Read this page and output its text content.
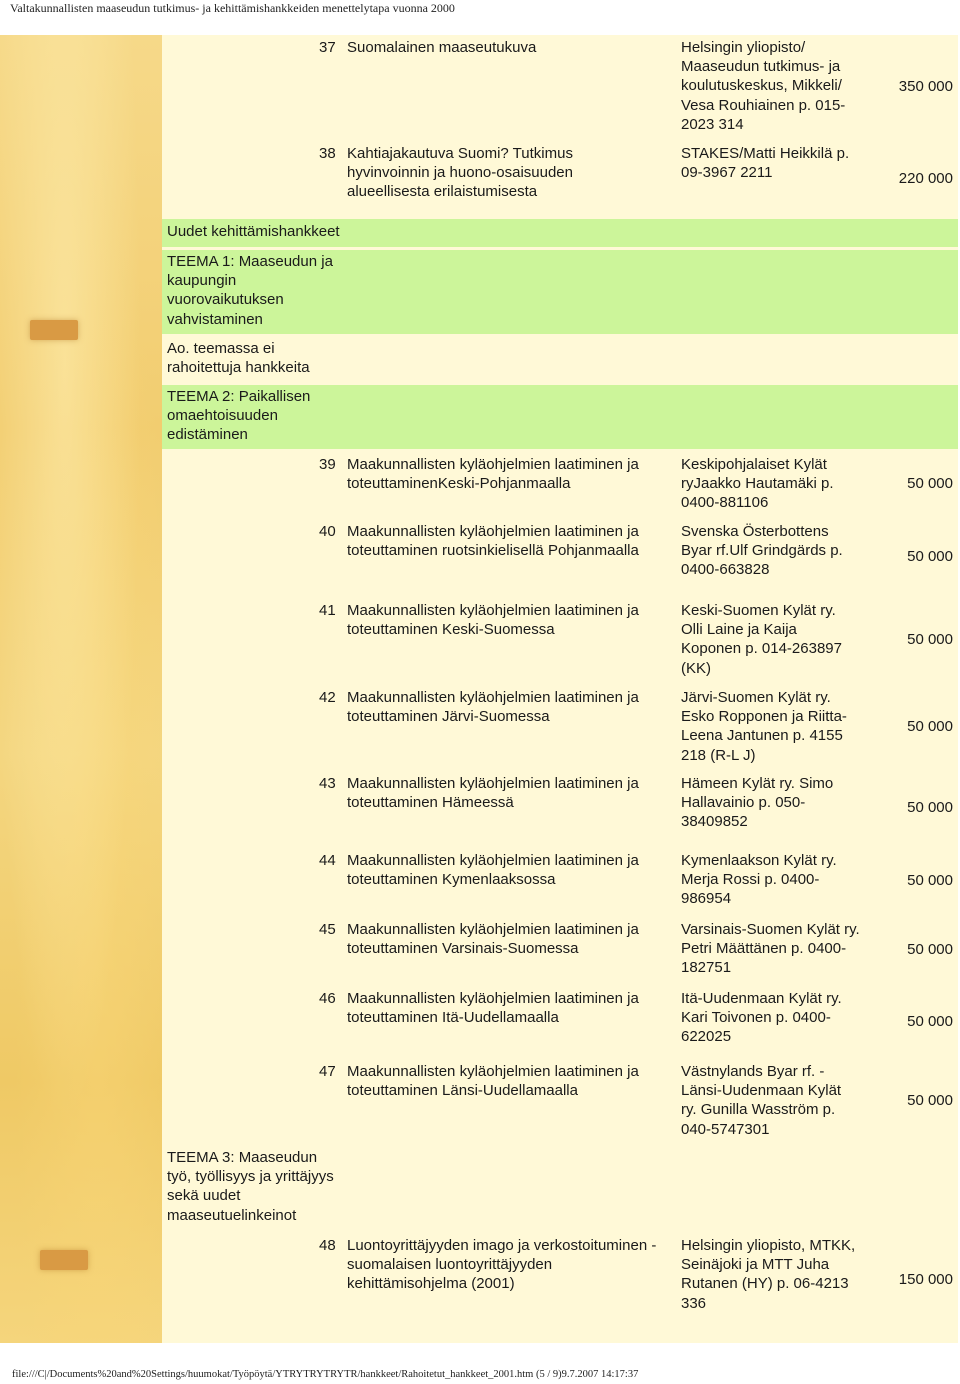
Valtakunnallisten maaseudun tutkimus- ja kehittämishankkeiden menettelytapa vuonna 2000
Uudet kehittämishankkeet
TEEMA 1: Maaseudun ja kaupungin vuorovaikutuksen vahvistaminen
Ao. teemassa ei rahoitettuja hankkeita
TEEMA 2: Paikallisen omaehtoisuuden edistäminen
TEEMA 3: Maaseudun työ, työllisyys ja yrittäjyys sekä uudet maaseutuelinkeinot
37 Suomalainen maaseutukuva	Helsingin yliopisto/ Maaseudun tutkimus- ja koulutuskeskus, Mikkeli/ Vesa Rouhiainen p. 015-2023 314
350 000
38 Kahtiajakautuva Suomi? Tutkimus hyvinvoinnin ja huono-osaisuuden alueellisesta erilaistumisesta
STAKES/Matti Heikkilä p. 09-3967 2211	220 000
39 Maakunnallisten kyläohjelmien laatiminen ja toteuttaminenKeski-Pohjanmaalla
Keskipohjalaiset Kylät ryJaakko Hautamäki p. 0400-881106
50 000
40 Maakunnallisten kyläohjelmien laatiminen ja toteuttaminen ruotsinkielisellä Pohjanmaalla
Svenska Österbottens Byar rf.Ulf Grindgärds p. 0400-663828
50 000
41 Maakunnallisten kyläohjelmien laatiminen ja toteuttaminen Keski-Suomessa
Keski-Suomen Kylät ry. Olli Laine ja Kaija Koponen p. 014-263897 (KK)
50 000
42 Maakunnallisten kyläohjelmien laatiminen ja toteuttaminen Järvi-Suomessa
Järvi-Suomen Kylät ry. Esko Ropponen ja Riitta-Leena Jantunen p. 4155 218 (R-L J)
50 000
43 Maakunnallisten kyläohjelmien laatiminen ja toteuttaminen Hämeessä
Hämeen Kylät ry. Simo Hallavainio p. 050-38409852
50 000
44 Maakunnallisten kyläohjelmien laatiminen ja toteuttaminen Kymenlaaksossa
Kymenlaakson Kylät ry. Merja Rossi p. 0400-986954
50 000
45 Maakunnallisten kyläohjelmien laatiminen ja toteuttaminen Varsinais-Suomessa
Varsinais-Suomen Kylät ry. Petri Määttänen p. 0400-182751
50 000
46 Maakunnallisten kyläohjelmien laatiminen ja toteuttaminen Itä-Uudellamaalla
Itä-Uudenmaan Kylät ry. Kari Toivonen p. 0400-622025
50 000
47 Maakunnallisten kyläohjelmien laatiminen ja toteuttaminen Länsi-Uudellamaalla
Västnylands Byar rf. - Länsi-Uudenmaan Kylät ry. Gunilla Wasström p. 040-5747301
50 000
48 Luontoyrittäjyyden imago ja verkostoituminen - suomalaisen luontoyrittäjyyden kehittämisohjelma (2001)
Helsingin yliopisto, MTKK, Seinäjoki ja MTT Juha Rutanen (HY) p. 06-4213 336
150 000
file:///C|/Documents%20and%20Settings/huumokat/Työpöytä/YTRYTRYTRYTR/hankkeet/Rahoitetut_hankkeet_2001.htm (5 / 9)9.7.2007 14:17:37
